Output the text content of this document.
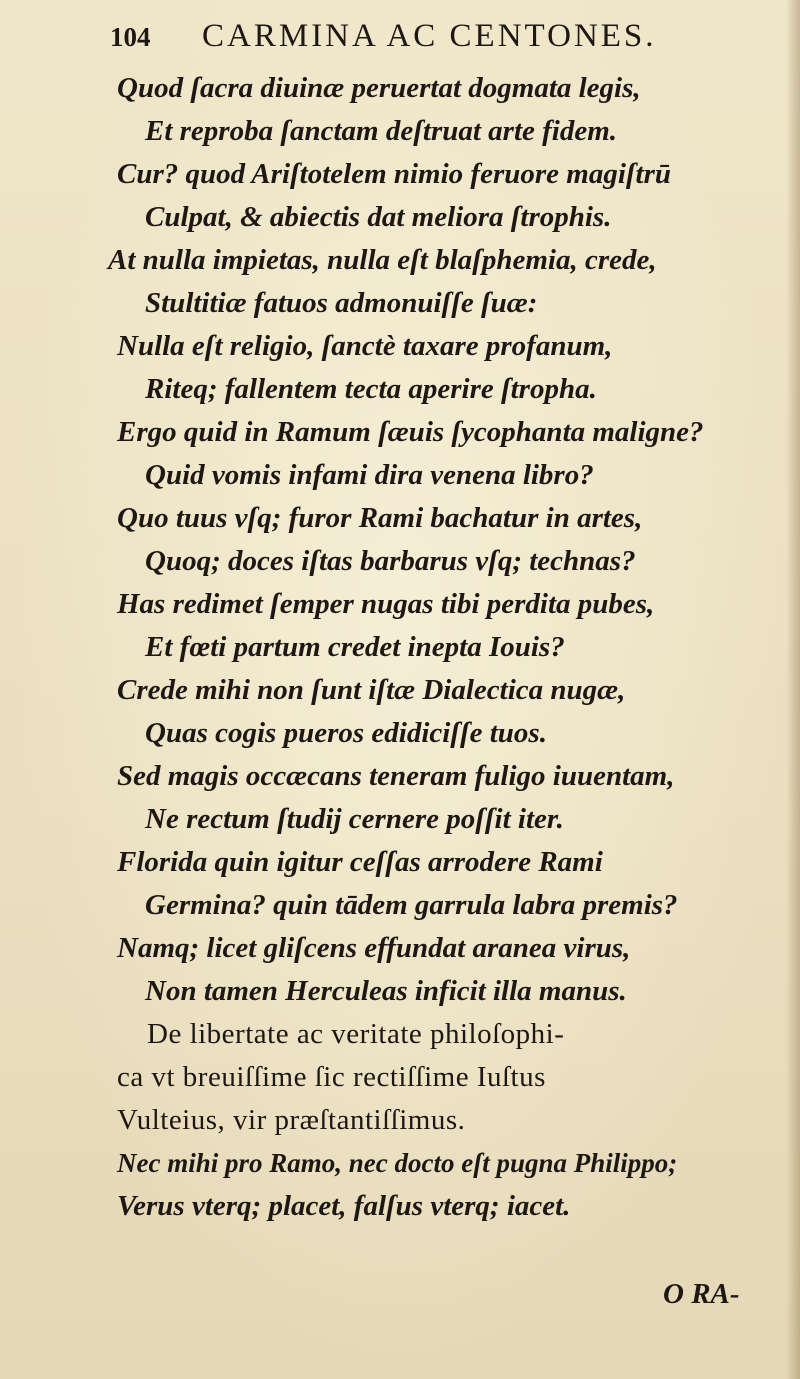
104 CARMINA AC CENTONES.
Quod ſacra diuinæ peruertat dogmata legis,
Et reproba ſanctam deſtruat arte fidem.
Cur? quod Ariſtotelem nimio feruore magiſtrū
Culpat, & abiectis dat meliora ſtrophis.
At nulla impietas, nulla eſt blaſphemia, crede,
Stultitiæ fatuos admonuiſſe ſuæ:
Nulla eſt religio, ſanctè taxare profanum,
Riteq; fallentem tecta aperire ſtropha.
Ergo quid in Ramum ſæuis ſycophanta maligne?
Quid vomis infami dira venena libro?
Quo tuus vſq; furor Rami bachatur in artes,
Quoq; doces iſtas barbarus vſq; technas?
Has redimet ſemper nugas tibi perdita pubes,
Et fœti partum credet inepta Iouis?
Crede mihi non ſunt iſtæ Dialectica nugæ,
Quas cogis pueros edidiciſſe tuos.
Sed magis occæcans teneram fuligo iuuentam,
Ne rectum ſtudij cernere poſſit iter.
Florida quin igitur ceſſas arrodere Rami
Germina? quin tādem garrula labra premis?
Namq; licet gliſcens effundat aranea virus,
Non tamen Herculeas inficit illa manus.
De libertate ac veritate philoſophi-
ca vt breuiſſime ſic rectiſſime Iuſtus
Vulteius, vir præſtantiſſimus.
Nec mihi pro Ramo, nec docto eſt pugna Philippo;
Verus vterq; placet, falſus vterq; iacet.
O RA-
